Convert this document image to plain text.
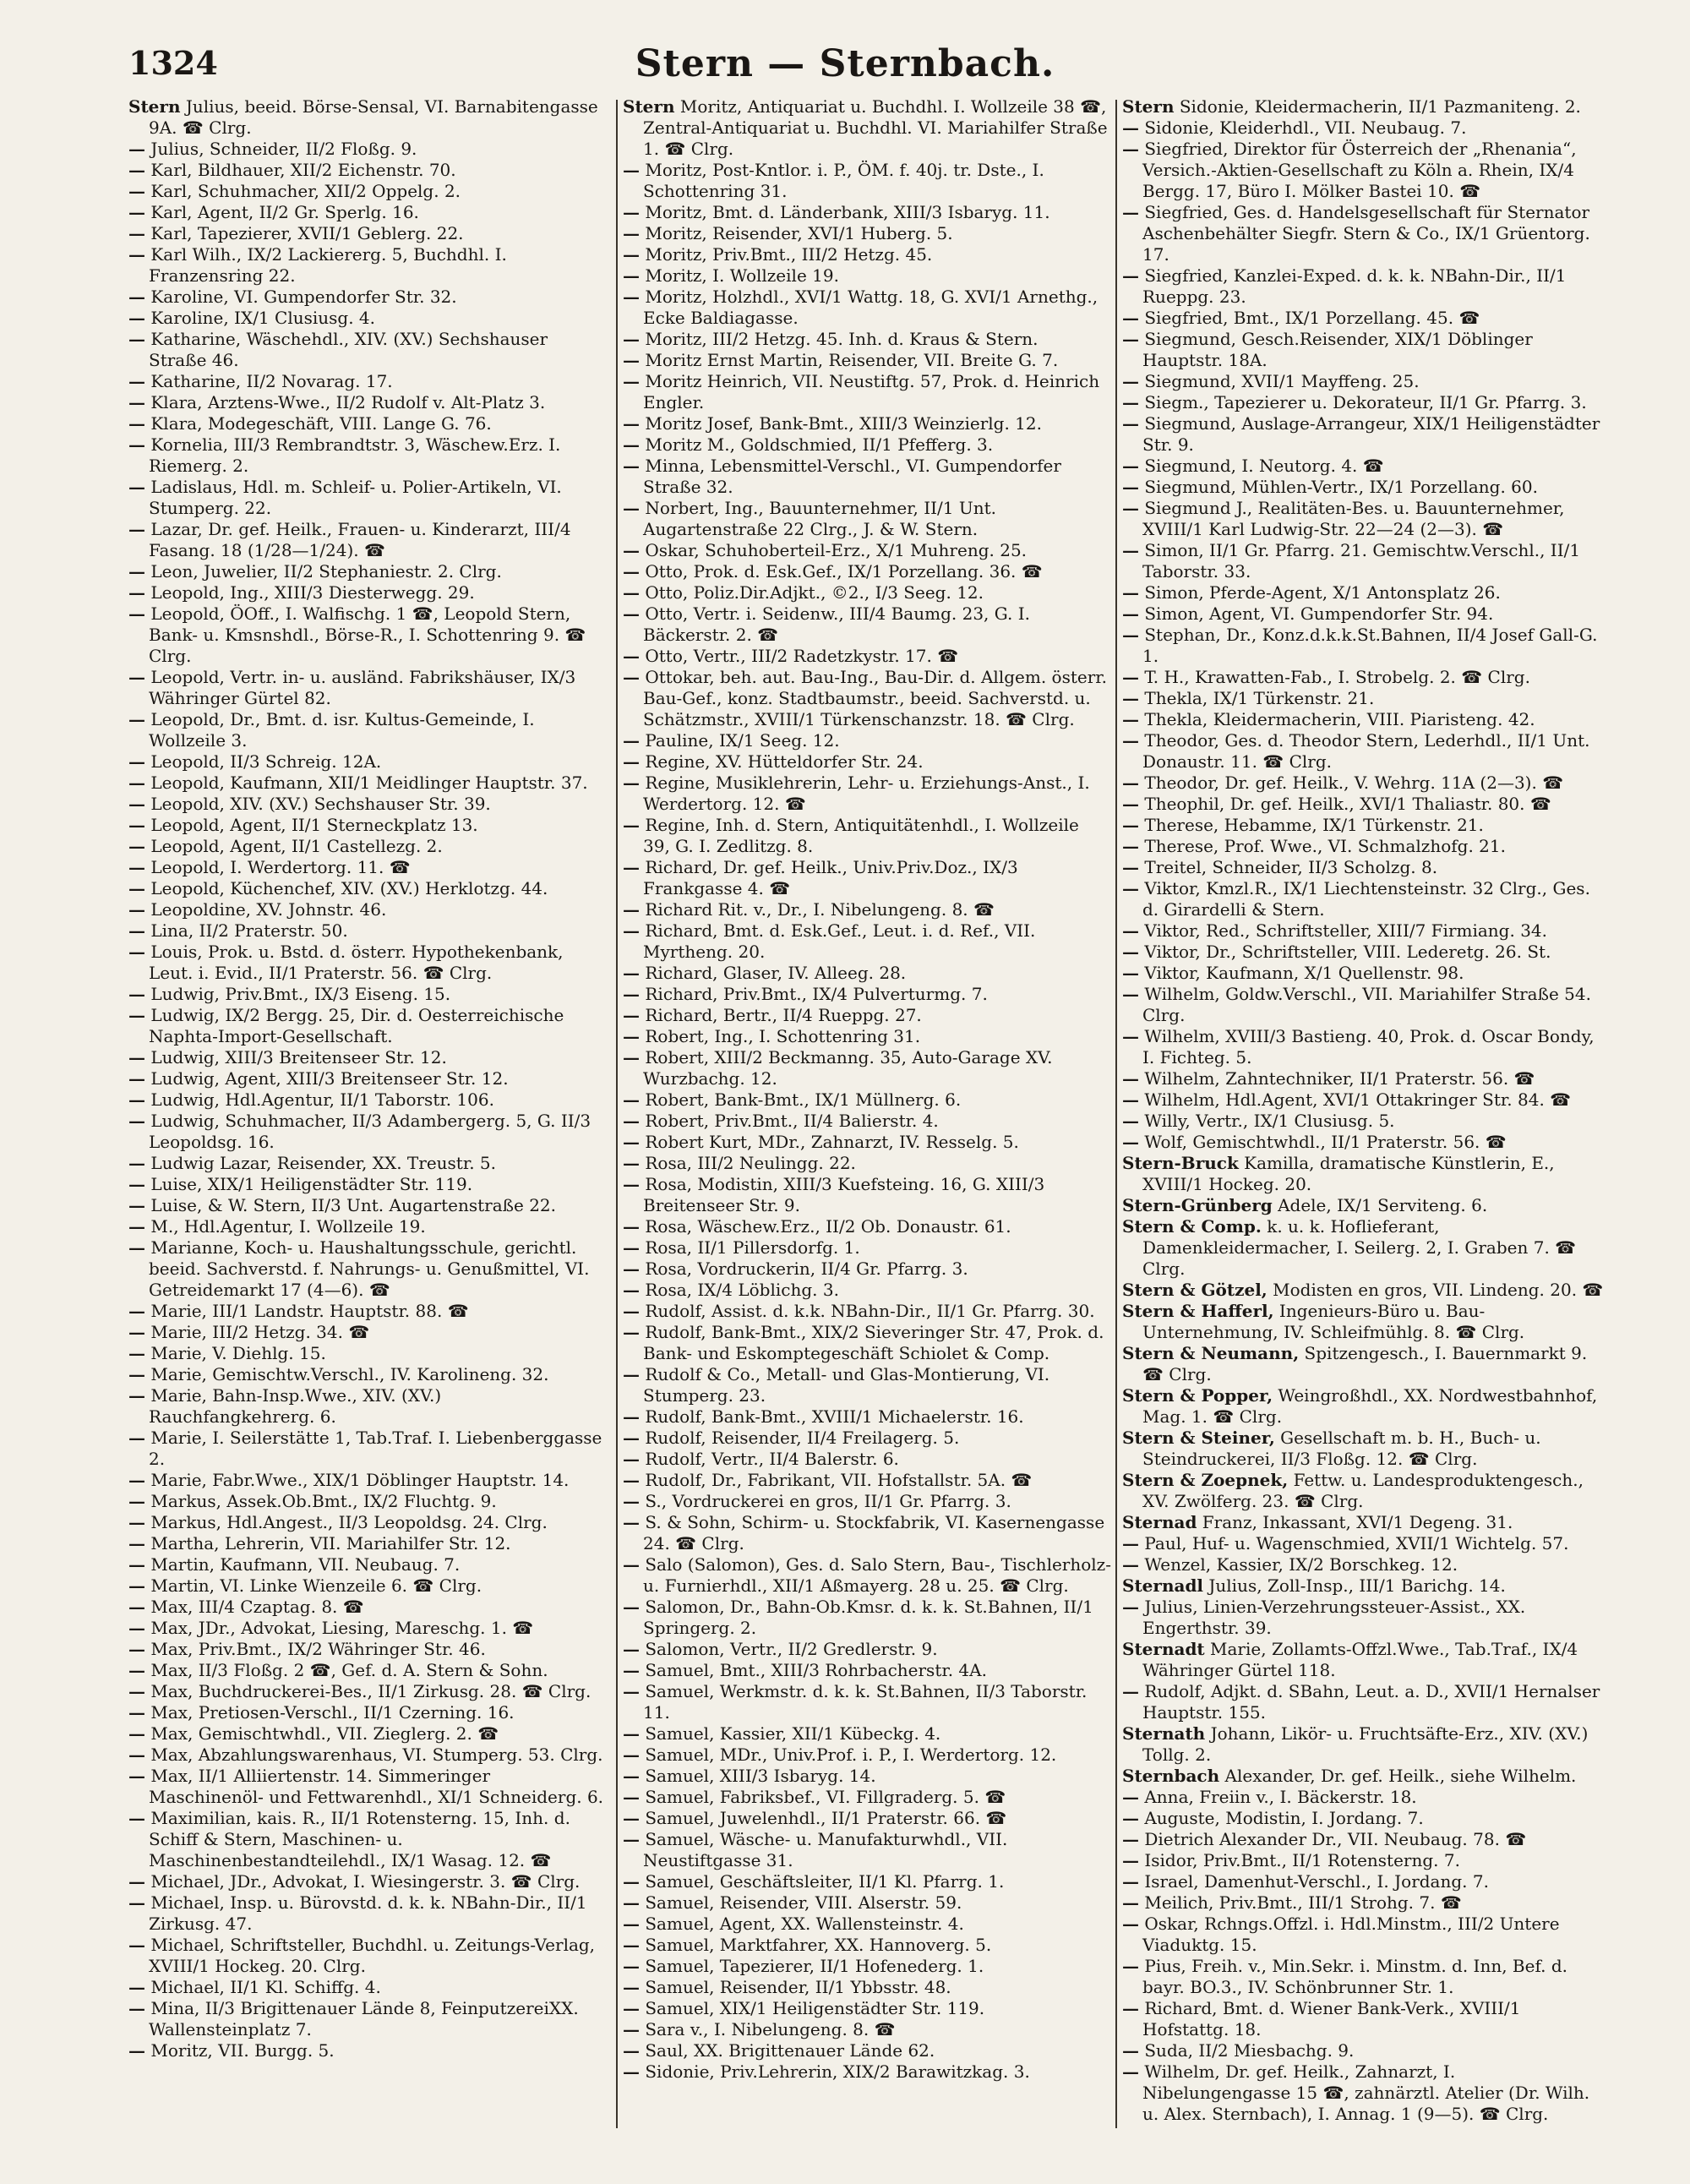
1324	Stern — Sternbach.

Stern Julius, beeid. Börse-Sensal, VI. Barnabitengasse 9A. ☎ Clrg.

— Julius, Schneider, II/2 Floßg. 9.

— Karl, Bildhauer, XII/2 Eichenstr. 70.

— Karl, Schuhmacher, XII/2 Oppelg. 2.

— Karl, Agent, II/2 Gr. Sperlg. 16.

— Karl, Tapezierer, XVII/1 Geblerg. 22.

— Karl Wilh., IX/2 Lackiererg. 5, Buchdhl. I. Franzensring 22.

— Karoline, VI. Gumpendorfer Str. 32.

— Karoline, IX/1 Clusiusg. 4.

— Katharine, Wäschehdl., XIV. (XV.) Sechshauser Straße 46.

— Katharine, II/2 Novarag. 17.

— Klara, Arztens-Wwe., II/2 Rudolf v. Alt-Platz 3.

— Klara, Modegeschäft, VIII. Lange G. 76.

— Kornelia, III/3 Rembrandtstr. 3, Wäschew.Erz. I. Riemerg. 2.

— Ladislaus, Hdl. m. Schleif- u. Polier-Artikeln, VI. Stumperg. 22.

— Lazar, Dr. gef. Heilk., Frauen- u. Kinderarzt, III/4 Fasang. 18 (1/28—1/24). ☎

— Leon, Juwelier, II/2 Stephaniestr. 2. Clrg.

— Leopold, Ing., XIII/3 Diesterwegg. 29.

— Leopold, ÖOff., I. Walfischg. 1 ☎, Leopold Stern, Bank- u. Kmsnshdl., Börse-R., I. Schottenring 9. ☎ Clrg.

— Leopold, Vertr. in- u. ausländ. Fabrikshäuser, IX/3 Währinger Gürtel 82.

— Leopold, Dr., Bmt. d. isr. Kultus-Gemeinde, I. Wollzeile 3.

— Leopold, II/3 Schreig. 12A.

— Leopold, Kaufmann, XII/1 Meidlinger Hauptstr. 37.

— Leopold, XIV. (XV.) Sechshauser Str. 39.

— Leopold, Agent, II/1 Sterneckplatz 13.

— Leopold, Agent, II/1 Castellezg. 2.

— Leopold, I. Werdertorg. 11. ☎

— Leopold, Küchenchef, XIV. (XV.) Herklotzg. 44.

— Leopoldine, XV. Johnstr. 46.

— Lina, II/2 Praterstr. 50.

— Louis, Prok. u. Bstd. d. österr. Hypothekenbank, Leut. i. Evid., II/1 Praterstr. 56. ☎ Clrg.

— Ludwig, Priv.Bmt., IX/3 Eiseng. 15.

— Ludwig, IX/2 Bergg. 25, Dir. d. Oesterreichische Naphta-Import-Gesellschaft.

— Ludwig, XIII/3 Breitenseer Str. 12.

— Ludwig, Agent, XIII/3 Breitenseer Str. 12.

— Ludwig, Hdl.Agentur, II/1 Taborstr. 106.

— Ludwig, Schuhmacher, II/3 Adambergerg. 5, G. II/3 Leopoldsg. 16.

— Ludwig Lazar, Reisender, XX. Treustr. 5.

— Luise, XIX/1 Heiligenstädter Str. 119.

— Luise, & W. Stern, II/3 Unt. Augartenstraße 22.

— M., Hdl.Agentur, I. Wollzeile 19.

— Marianne, Koch- u. Haushaltungsschule, gerichtl. beeid. Sachverstd. f. Nahrungs- u. Genußmittel, VI. Getreidemarkt 17 (4—6). ☎

— Marie, III/1 Landstr. Hauptstr. 88. ☎

— Marie, III/2 Hetzg. 34. ☎

— Marie, V. Diehlg. 15.

— Marie, Gemischtw.Verschl., IV. Karolineng. 32.

— Marie, Bahn-Insp.Wwe., XIV. (XV.) Rauchfangkehrerg. 6.

— Marie, I. Seilerstätte 1, Tab.Traf. I. Liebenberggasse 2.

— Marie, Fabr.Wwe., XIX/1 Döblinger Hauptstr. 14.

— Markus, Assek.Ob.Bmt., IX/2 Fluchtg. 9.

— Markus, Hdl.Angest., II/3 Leopoldsg. 24. Clrg.

— Martha, Lehrerin, VII. Mariahilfer Str. 12.

— Martin, Kaufmann, VII. Neubaug. 7.

— Martin, VI. Linke Wienzeile 6. ☎ Clrg.

— Max, III/4 Czaptag. 8. ☎

— Max, JDr., Advokat, Liesing, Mareschg. 1. ☎

— Max, Priv.Bmt., IX/2 Währinger Str. 46.

— Max, II/3 Floßg. 2 ☎, Gef. d. A. Stern & Sohn.

— Max, Buchdruckerei-Bes., II/1 Zirkusg. 28. ☎ Clrg.

— Max, Pretiosen-Verschl., II/1 Czerning. 16.

— Max, Gemischtwhdl., VII. Zieglerg. 2. ☎

— Max, Abzahlungswarenhaus, VI. Stumperg. 53. Clrg.

— Max, II/1 Alliiertenstr. 14. Simmeringer Maschinenöl- und Fettwarenhdl., XI/1 Schneiderg. 6.

— Maximilian, kais. R., II/1 Rotensterng. 15, Inh. d. Schiff & Stern, Maschinen- u. Maschinenbestandteilehdl., IX/1 Wasag. 12. ☎

— Michael, JDr., Advokat, I. Wiesingerstr. 3. ☎ Clrg.

— Michael, Insp. u. Bürovstd. d. k. k. NBahn-Dir., II/1 Zirkusg. 47.

— Michael, Schriftsteller, Buchdhl. u. Zeitungs-Verlag, XVIII/1 Hockeg. 20. Clrg.

— Michael, II/1 Kl. Schiffg. 4.

— Mina, II/3 Brigittenauer Lände 8, FeinputzereiXX. Wallensteinplatz 7.

— Moritz, VII. Burgg. 5.

Stern Moritz, Antiquariat u. Buchdhl. I. Wollzeile 38 ☎, Zentral-Antiquariat u. Buchdhl. VI. Mariahilfer Straße 1. ☎ Clrg.

— Moritz, Post-Kntlor. i. P., ÖM. f. 40j. tr. Dste., I. Schottenring 31.

— Moritz, Bmt. d. Länderbank, XIII/3 Isbaryg. 11.

— Moritz, Reisender, XVI/1 Huberg. 5.

— Moritz, Priv.Bmt., III/2 Hetzg. 45.

— Moritz, I. Wollzeile 19.

— Moritz, Holzhdl., XVI/1 Wattg. 18, G. XVI/1 Arnethg., Ecke Baldiagasse.

— Moritz, III/2 Hetzg. 45. Inh. d. Kraus & Stern.

— Moritz Ernst Martin, Reisender, VII. Breite G. 7.

— Moritz Heinrich, VII. Neustiftg. 57, Prok. d. Heinrich Engler.

— Moritz Josef, Bank-Bmt., XIII/3 Weinzierlg. 12.

— Moritz M., Goldschmied, II/1 Pfefferg. 3.

— Minna, Lebensmittel-Verschl., VI. Gumpendorfer Straße 32.

— Norbert, Ing., Bauunternehmer, II/1 Unt. Augartenstraße 22 Clrg., J. & W. Stern.

— Oskar, Schuhoberteil-Erz., X/1 Muhreng. 25.

— Otto, Prok. d. Esk.Gef., IX/1 Porzellang. 36. ☎

— Otto, Poliz.Dir.Adjkt., ©2., I/3 Seeg. 12.

— Otto, Vertr. i. Seidenw., III/4 Baumg. 23, G. I. Bäckerstr. 2. ☎

— Otto, Vertr., III/2 Radetzkystr. 17. ☎

— Ottokar, beh. aut. Bau-Ing., Bau-Dir. d. Allgem. österr. Bau-Gef., konz. Stadtbaumstr., beeid. Sachverstd. u. Schätzmstr., XVIII/1 Türkenschanzstr. 18. ☎ Clrg.

— Pauline, IX/1 Seeg. 12.

— Regine, XV. Hütteldorfer Str. 24.

— Regine, Musiklehrerin, Lehr- u. Erziehungs-Anst., I. Werdertorg. 12. ☎

— Regine, Inh. d. Stern, Antiquitätenhdl., I. Wollzeile 39, G. I. Zedlitzg. 8.

— Richard, Dr. gef. Heilk., Univ.Priv.Doz., IX/3 Frankgasse 4. ☎

— Richard Rit. v., Dr., I. Nibelungeng. 8. ☎

— Richard, Bmt. d. Esk.Gef., Leut. i. d. Ref., VII. Myrtheng. 20.

— Richard, Glaser, IV. Alleeg. 28.

— Richard, Priv.Bmt., IX/4 Pulverturmg. 7.

— Richard, Bertr., II/4 Rueppg. 27.

— Robert, Ing., I. Schottenring 31.

— Robert, XIII/2 Beckmanng. 35, Auto-Garage XV. Wurzbachg. 12.

— Robert, Bank-Bmt., IX/1 Müllnerg. 6.

— Robert, Priv.Bmt., II/4 Balierstr. 4.

— Robert Kurt, MDr., Zahnarzt, IV. Resselg. 5.

— Rosa, III/2 Neulingg. 22.

— Rosa, Modistin, XIII/3 Kuefsteing. 16, G. XIII/3 Breitenseer Str. 9.

— Rosa, Wäschew.Erz., II/2 Ob. Donaustr. 61.

— Rosa, II/1 Pillersdorfg. 1.

— Rosa, Vordruckerin, II/4 Gr. Pfarrg. 3.

— Rosa, IX/4 Löblichg. 3.

— Rudolf, Assist. d. k.k. NBahn-Dir., II/1 Gr. Pfarrg. 30.

— Rudolf, Bank-Bmt., XIX/2 Sieveringer Str. 47, Prok. d. Bank- und Eskomptegeschäft Schiolet & Comp.

— Rudolf & Co., Metall- und Glas-Montierung, VI. Stumperg. 23.

— Rudolf, Bank-Bmt., XVIII/1 Michaelerstr. 16.

— Rudolf, Reisender, II/4 Freilagerg. 5.

— Rudolf, Vertr., II/4 Balerstr. 6.

— Rudolf, Dr., Fabrikant, VII. Hofstallstr. 5A. ☎

— S., Vordruckerei en gros, II/1 Gr. Pfarrg. 3.

— S. & Sohn, Schirm- u. Stockfabrik, VI. Kasernengasse 24. ☎ Clrg.

— Salo (Salomon), Ges. d. Salo Stern, Bau-, Tischlerholz- u. Furnierhdl., XII/1 Aßmayerg. 28 u. 25. ☎ Clrg.

— Salomon, Dr., Bahn-Ob.Kmsr. d. k. k. St.Bahnen, II/1 Springerg. 2.

— Salomon, Vertr., II/2 Gredlerstr. 9.

— Samuel, Bmt., XIII/3 Rohrbacherstr. 4A.

— Samuel, Werkmstr. d. k. k. St.Bahnen, II/3 Taborstr. 11.

— Samuel, Kassier, XII/1 Kübeckg. 4.

— Samuel, MDr., Univ.Prof. i. P., I. Werdertorg. 12.

— Samuel, XIII/3 Isbaryg. 14.

— Samuel, Fabriksbef., VI. Fillgraderg. 5. ☎

— Samuel, Juwelenhdl., II/1 Praterstr. 66. ☎

— Samuel, Wäsche- u. Manufakturwhdl., VII. Neustiftgasse 31.

— Samuel, Geschäftsleiter, II/1 Kl. Pfarrg. 1.

— Samuel, Reisender, VIII. Alserstr. 59.

— Samuel, Agent, XX. Wallensteinstr. 4.

— Samuel, Marktfahrer, XX. Hannoverg. 5.

— Samuel, Tapezierer, II/1 Hofenederg. 1.

— Samuel, Reisender, II/1 Ybbsstr. 48.

— Samuel, XIX/1 Heiligenstädter Str. 119.

— Sara v., I. Nibelungeng. 8. ☎

— Saul, XX. Brigittenauer Lände 62.

— Sidonie, Priv.Lehrerin, XIX/2 Barawitzkag. 3.

Stern Sidonie, Kleidermacherin, II/1 Pazmaniteng. 2.

— Sidonie, Kleiderhdl., VII. Neubaug. 7.

— Siegfried, Direktor für Österreich der „Rhenania“, Versich.-Aktien-Gesellschaft zu Köln a. Rhein, IX/4 Bergg. 17, Büro I. Mölker Bastei 10. ☎

— Siegfried, Ges. d. Handelsgesellschaft für Sternator Aschenbehälter Siegfr. Stern & Co., IX/1 Grüentorg. 17.

— Siegfried, Kanzlei-Exped. d. k. k. NBahn-Dir., II/1 Rueppg. 23.

— Siegfried, Bmt., IX/1 Porzellang. 45. ☎

— Siegmund, Gesch.Reisender, XIX/1 Döblinger Hauptstr. 18A.

— Siegmund, XVII/1 Mayffeng. 25.

— Siegm., Tapezierer u. Dekorateur, II/1 Gr. Pfarrg. 3.

— Siegmund, Auslage-Arrangeur, XIX/1 Heiligenstädter Str. 9.

— Siegmund, I. Neutorg. 4. ☎

— Siegmund, Mühlen-Vertr., IX/1 Porzellang. 60.

— Siegmund J., Realitäten-Bes. u. Bauunternehmer, XVIII/1 Karl Ludwig-Str. 22—24 (2—3). ☎

— Simon, II/1 Gr. Pfarrg. 21. Gemischtw.Verschl., II/1 Taborstr. 33.

— Simon, Pferde-Agent, X/1 Antonsplatz 26.

— Simon, Agent, VI. Gumpendorfer Str. 94.

— Stephan, Dr., Konz.d.k.k.St.Bahnen, II/4 Josef Gall-G. 1.

— T. H., Krawatten-Fab., I. Strobelg. 2. ☎ Clrg.

— Thekla, IX/1 Türkenstr. 21.

— Thekla, Kleidermacherin, VIII. Piaristeng. 42.

— Theodor, Ges. d. Theodor Stern, Lederhdl., II/1 Unt. Donaustr. 11. ☎ Clrg.

— Theodor, Dr. gef. Heilk., V. Wehrg. 11A (2—3). ☎

— Theophil, Dr. gef. Heilk., XVI/1 Thaliastr. 80. ☎

— Therese, Hebamme, IX/1 Türkenstr. 21.

— Therese, Prof. Wwe., VI. Schmalzhofg. 21.

— Treitel, Schneider, II/3 Scholzg. 8.

— Viktor, Kmzl.R., IX/1 Liechtensteinstr. 32 Clrg., Ges. d. Girardelli & Stern.

— Viktor, Red., Schriftsteller, XIII/7 Firmiang. 34.

— Viktor, Dr., Schriftsteller, VIII. Lederetg. 26. St.

— Viktor, Kaufmann, X/1 Quellenstr. 98.

— Wilhelm, Goldw.Verschl., VII. Mariahilfer Straße 54. Clrg.

— Wilhelm, XVIII/3 Bastieng. 40, Prok. d. Oscar Bondy, I. Fichteg. 5.

— Wilhelm, Zahntechniker, II/1 Praterstr. 56. ☎

— Wilhelm, Hdl.Agent, XVI/1 Ottakringer Str. 84. ☎

— Willy, Vertr., IX/1 Clusiusg. 5.

— Wolf, Gemischtwhdl., II/1 Praterstr. 56. ☎

Stern-Bruck Kamilla, dramatische Künstlerin, E., XVIII/1 Hockeg. 20.

Stern-Grünberg Adele, IX/1 Serviteng. 6.

Stern & Comp. k. u. k. Hoflieferant, Damenkleidermacher, I. Seilerg. 2, I. Graben 7. ☎ Clrg.

Stern & Götzel, Modisten en gros, VII. Lindeng. 20. ☎

Stern & Hafferl, Ingenieurs-Büro u. Bau-Unternehmung, IV. Schleifmühlg. 8. ☎ Clrg.

Stern & Neumann, Spitzengesch., I. Bauernmarkt 9. ☎ Clrg.

Stern & Popper, Weingroßhdl., XX. Nordwestbahnhof, Mag. 1. ☎ Clrg.

Stern & Steiner, Gesellschaft m. b. H., Buch- u. Steindruckerei, II/3 Floßg. 12. ☎ Clrg.

Stern & Zoepnek, Fettw. u. Landesproduktengesch., XV. Zwölferg. 23. ☎ Clrg.

Sternad Franz, Inkassant, XVI/1 Degeng. 31.

— Paul, Huf- u. Wagenschmied, XVII/1 Wichtelg. 57.

— Wenzel, Kassier, IX/2 Borschkeg. 12.

Sternadl Julius, Zoll-Insp., III/1 Barichg. 14.

— Julius, Linien-Verzehrungssteuer-Assist., XX. Engerthstr. 39.

Sternadt Marie, Zollamts-Offzl.Wwe., Tab.Traf., IX/4 Währinger Gürtel 118.

— Rudolf, Adjkt. d. SBahn, Leut. a. D., XVII/1 Hernalser Hauptstr. 155.

Sternath Johann, Likör- u. Fruchtsäfte-Erz., XIV. (XV.) Tollg. 2.

Sternbach Alexander, Dr. gef. Heilk., siehe Wilhelm.

— Anna, Freiin v., I. Bäckerstr. 18.

— Auguste, Modistin, I. Jordang. 7.

— Dietrich Alexander Dr., VII. Neubaug. 78. ☎

— Isidor, Priv.Bmt., II/1 Rotensterng. 7.

— Israel, Damenhut-Verschl., I. Jordang. 7.

— Meilich, Priv.Bmt., III/1 Strohg. 7. ☎

— Oskar, Rchngs.Offzl. i. Hdl.Minstm., III/2 Untere Viaduktg. 15.

— Pius, Freih. v., Min.Sekr. i. Minstm. d. Inn, Bef. d. bayr. BO.3., IV. Schönbrunner Str. 1.

— Richard, Bmt. d. Wiener Bank-Verk., XVIII/1 Hofstattg. 18.

— Suda, II/2 Miesbachg. 9.

— Wilhelm, Dr. gef. Heilk., Zahnarzt, I. Nibelungengasse 15 ☎, zahnärztl. Atelier (Dr. Wilh. u. Alex. Sternbach), I. Annag. 1 (9—5). ☎ Clrg.
